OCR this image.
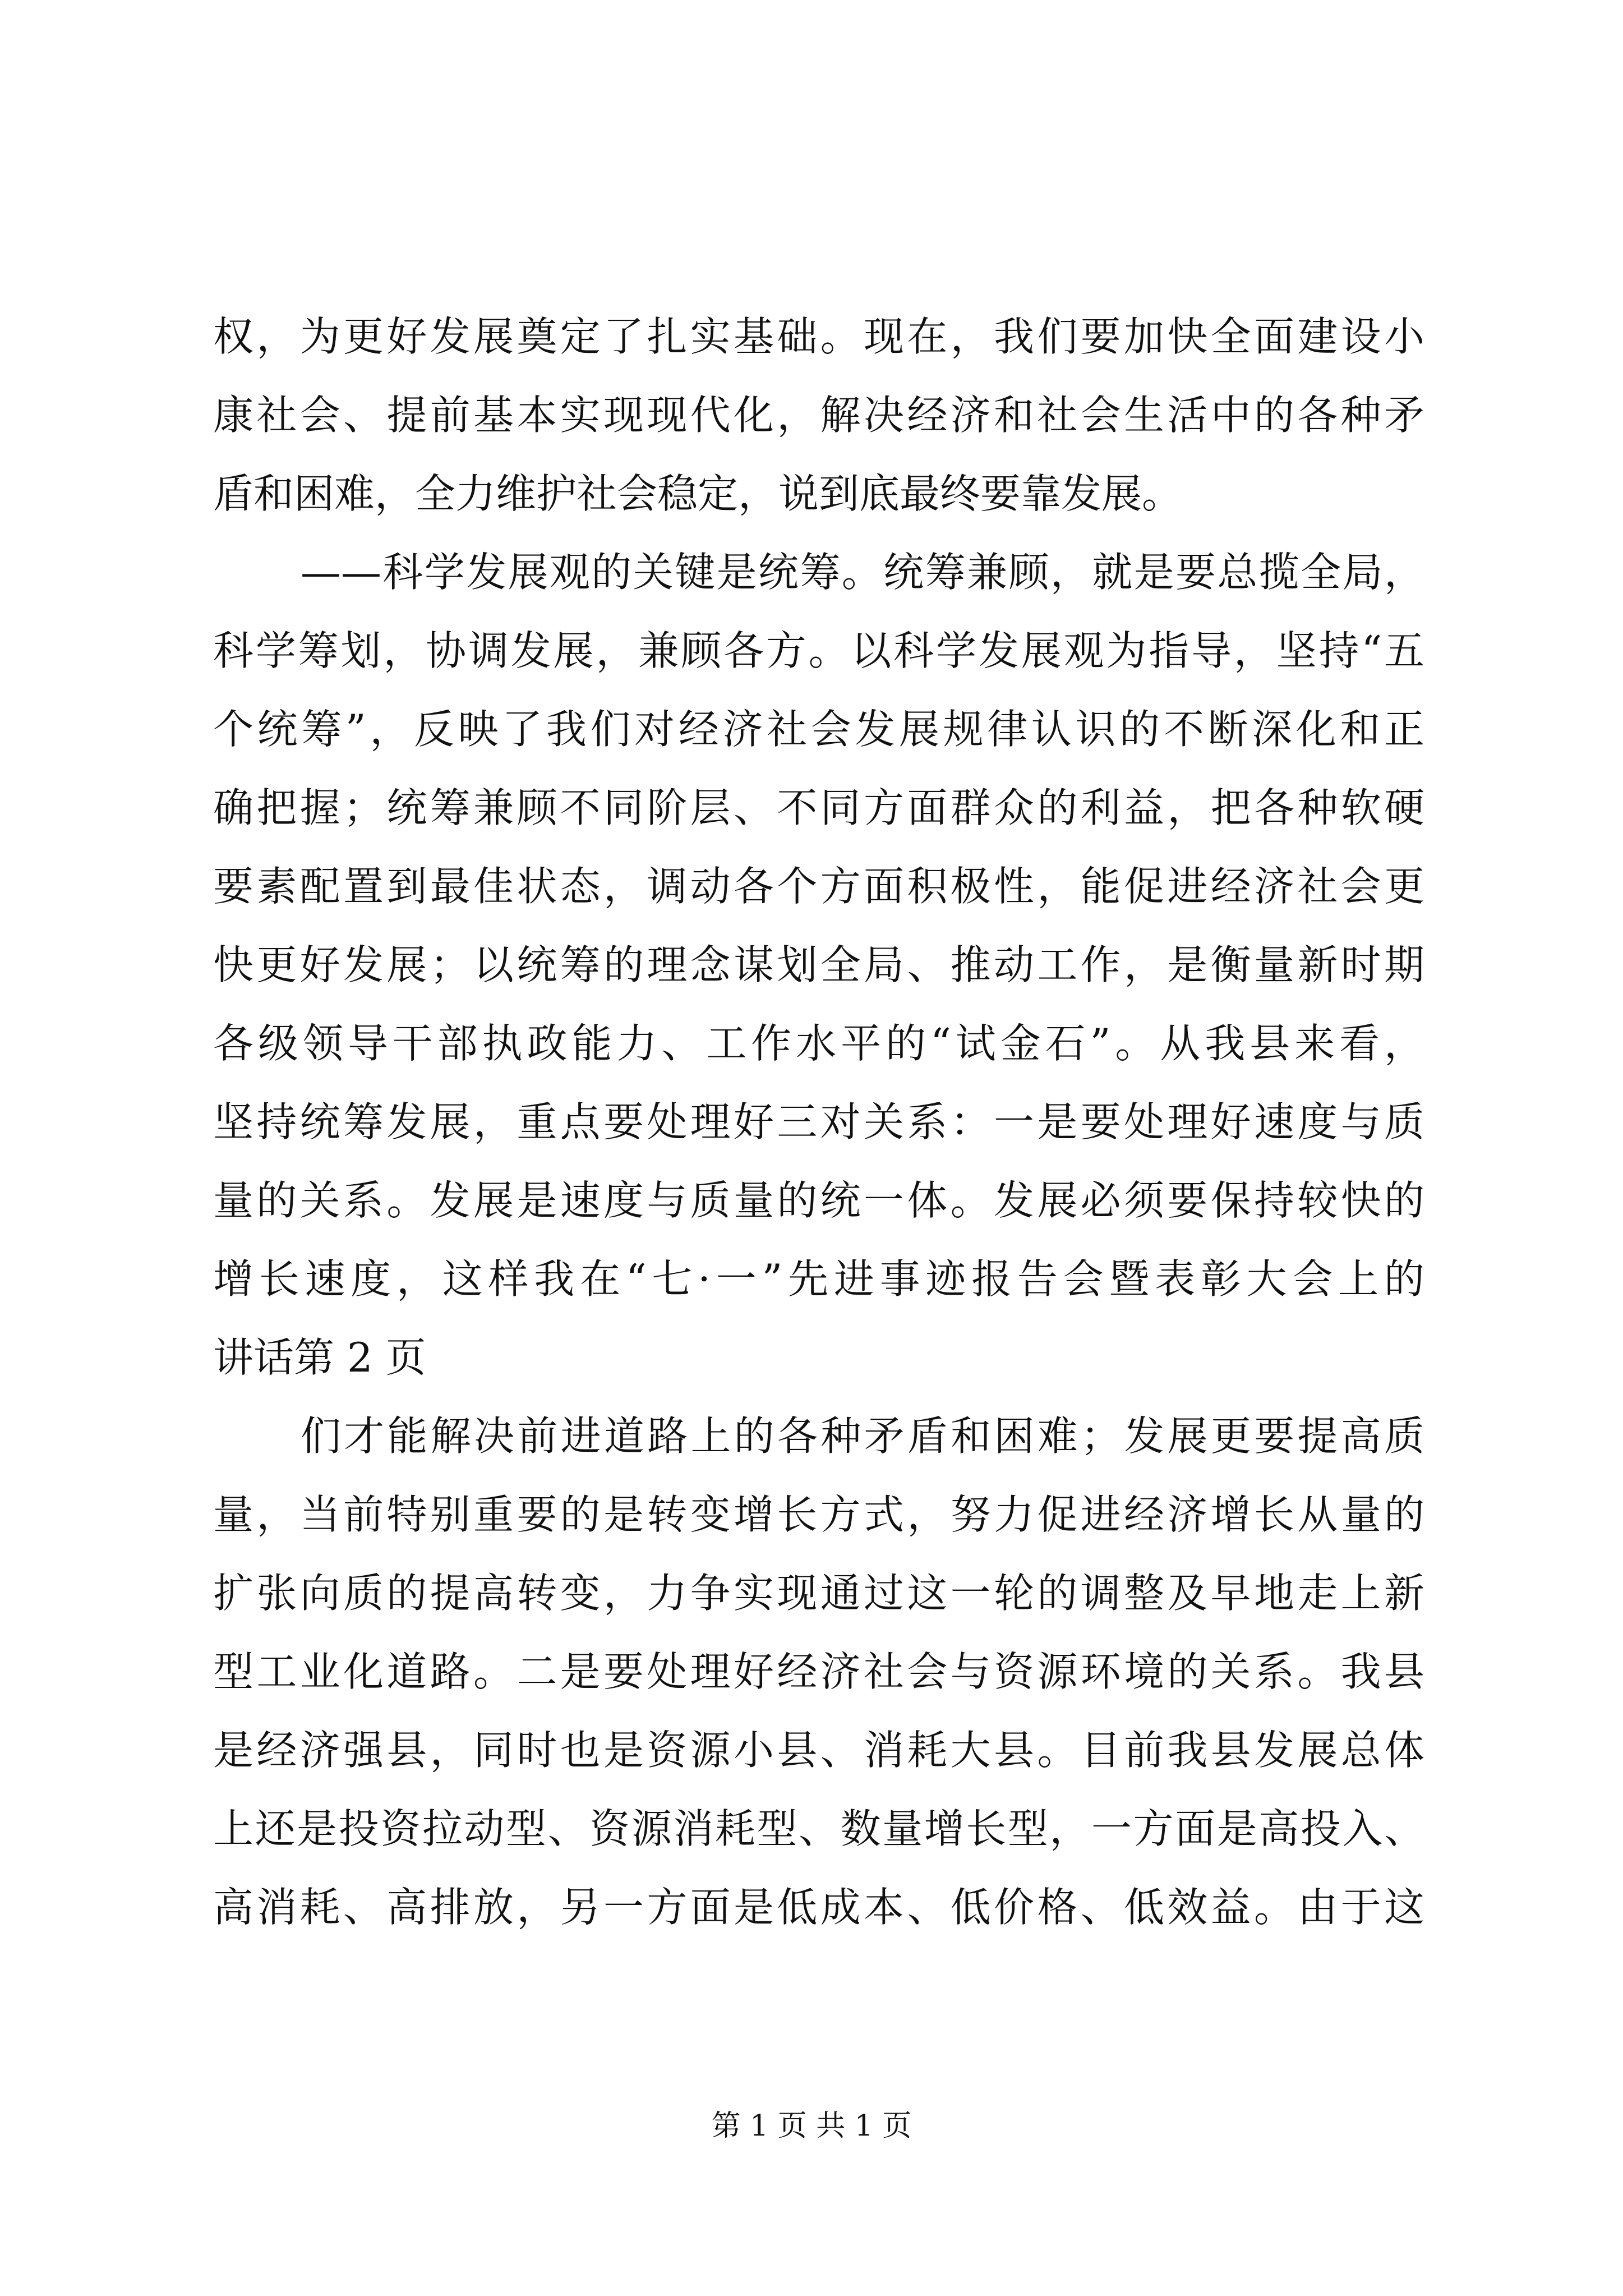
权，为更好发展奠定了扎实基础。现在，我们要加快全面建设小
康社会、提前基本实现现代化，解决经济和社会生活中的各种矛
盾和困难，全力维护社会稳定，说到底最终要靠发展。
——科学发展观的关键是统筹。统筹兼顾，就是要总揽全局，
科学筹划，协调发展，兼顾各方。以科学发展观为指导，坚持“五
个统筹”，反映了我们对经济社会发展规律认识的不断深化和正
确把握；统筹兼顾不同阶层、不同方面群众的利益，把各种软硬
要素配置到最佳状态，调动各个方面积极性，能促进经济社会更
快更好发展；以统筹的理念谋划全局、推动工作，是衡量新时期
各级领导干部执政能力、工作水平的“试金石”。从我县来看，
坚持统筹发展，重点要处理好三对关系：一是要处理好速度与质
量的关系。发展是速度与质量的统一体。发展必须要保持较快的
增长速度，这样我在“七·一”先进事迹报告会暨表彰大会上的
讲话第 2 页
们才能解决前进道路上的各种矛盾和困难；发展更要提高质
量，当前特别重要的是转变增长方式，努力促进经济增长从量的
扩张向质的提高转变，力争实现通过这一轮的调整及早地走上新
型工业化道路。二是要处理好经济社会与资源环境的关系。我县
是经济强县，同时也是资源小县、消耗大县。目前我县发展总体
上还是投资拉动型、资源消耗型、数量增长型，一方面是高投入、
高消耗、高排放，另一方面是低成本、低价格、低效益。由于这
第 1 页 共 1 页
